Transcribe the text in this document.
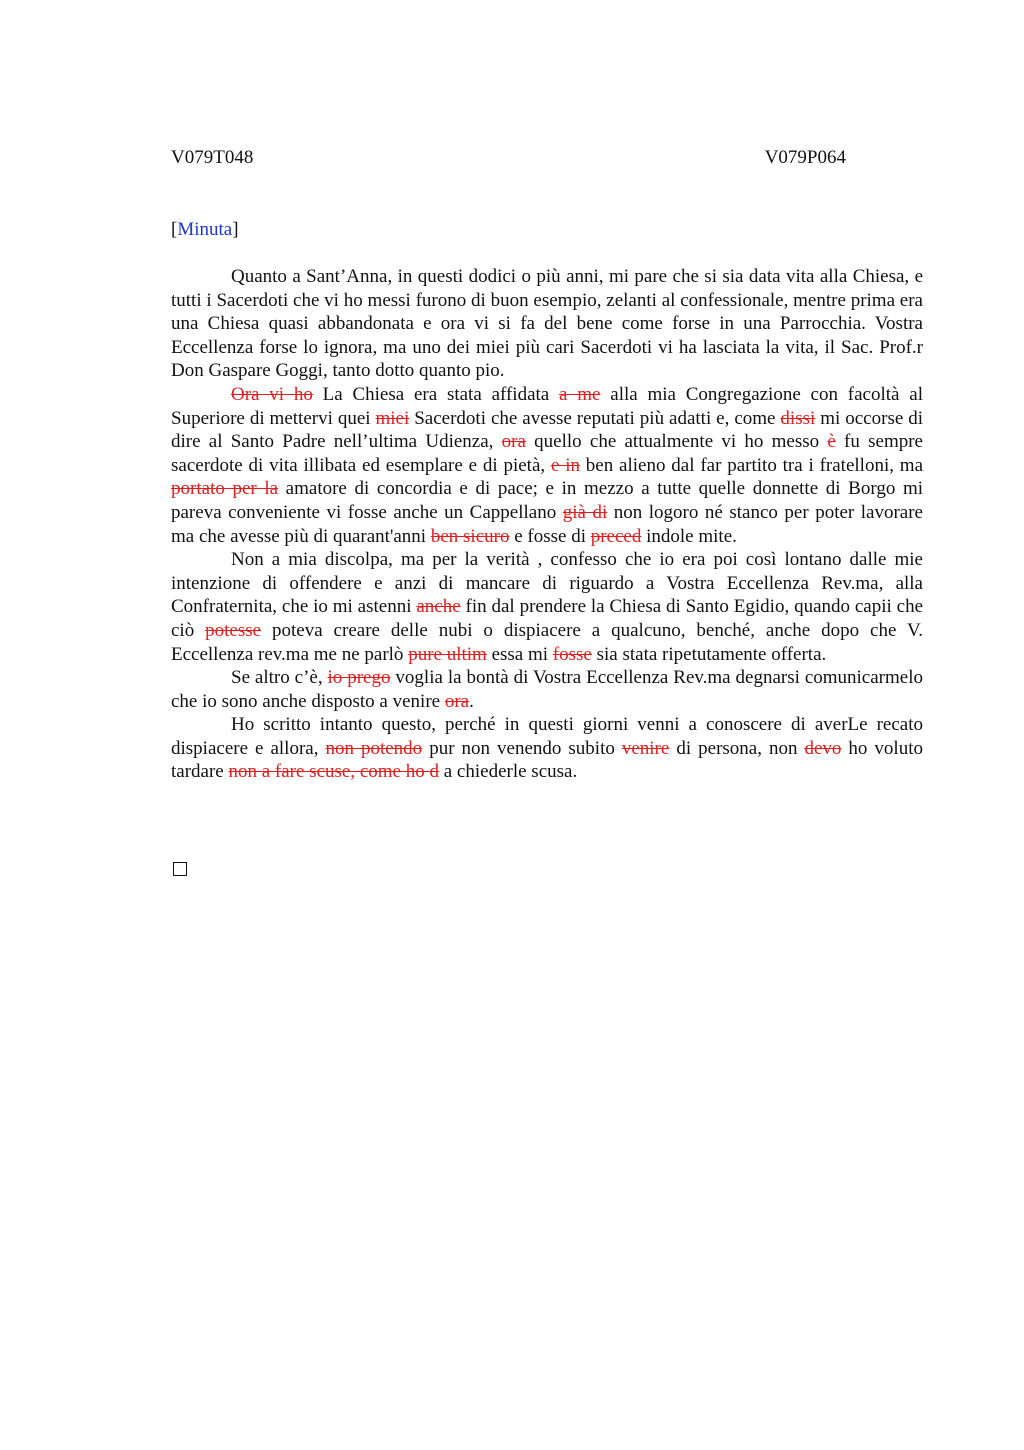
V079T048	V079P064
[Minuta]

Quanto a Sant’Anna, in questi dodici o più anni, mi pare che si sia data vita alla Chiesa, e tutti i Sacerdoti che vi ho messi furono di buon esempio, zelanti al confessionale, mentre prima era una Chiesa quasi abbandonata e ora vi si fa del bene come forse in una Parrocchia. Vostra Eccellenza forse lo ignora, ma uno dei miei più cari Sacerdoti vi ha lasciata la vita, il Sac. Prof.r Don Gaspare Goggi, tanto dotto quanto pio.

Ora vi ho La Chiesa era stata affidata a me alla mia Congregazione con facoltà al Superiore di mettervi quei miei Sacerdoti che avesse reputati più adatti e, come dissi mi occorse di dire al Santo Padre nell’ultima Udienza, ora quello che attualmente vi ho messo è fu sempre sacerdote di vita illibata ed esemplare e di pietà, e in ben alieno dal far partito tra i fratelloni, ma portato per la amatore di concordia e di pace; e in mezzo a tutte quelle donnette di Borgo mi pareva conveniente vi fosse anche un Cappellano già di non logoro né stanco per poter lavorare ma che avesse più di quarant'anni ben sicuro e fosse di preced indole mite.

Non a mia discolpa, ma per la verità , confesso che io era poi così lontano dalle mie intenzione di offendere e anzi di mancare di riguardo a Vostra Eccellenza Rev.ma, alla Confraternita, che io mi astenni anche fin dal prendere la Chiesa di Santo Egidio, quando capii che ciò potesse poteva creare delle nubi o dispiacere a qualcuno, benché, anche dopo che V. Eccellenza rev.ma me ne parlò pure ultim essa mi fosse sia stata ripetutamente offerta.

Se altro c’è, io prego voglia la bontà di Vostra Eccellenza Rev.ma degnarsi comunicarmelo che io sono anche disposto a venire ora.

Ho scritto intanto questo, perché in questi giorni venni a conoscere di averLe recato dispiacere e allora, non potendo pur non venendo subito venire di persona, non devo ho voluto tardare non a fare scuse, come ho d a chiederle scusa.
